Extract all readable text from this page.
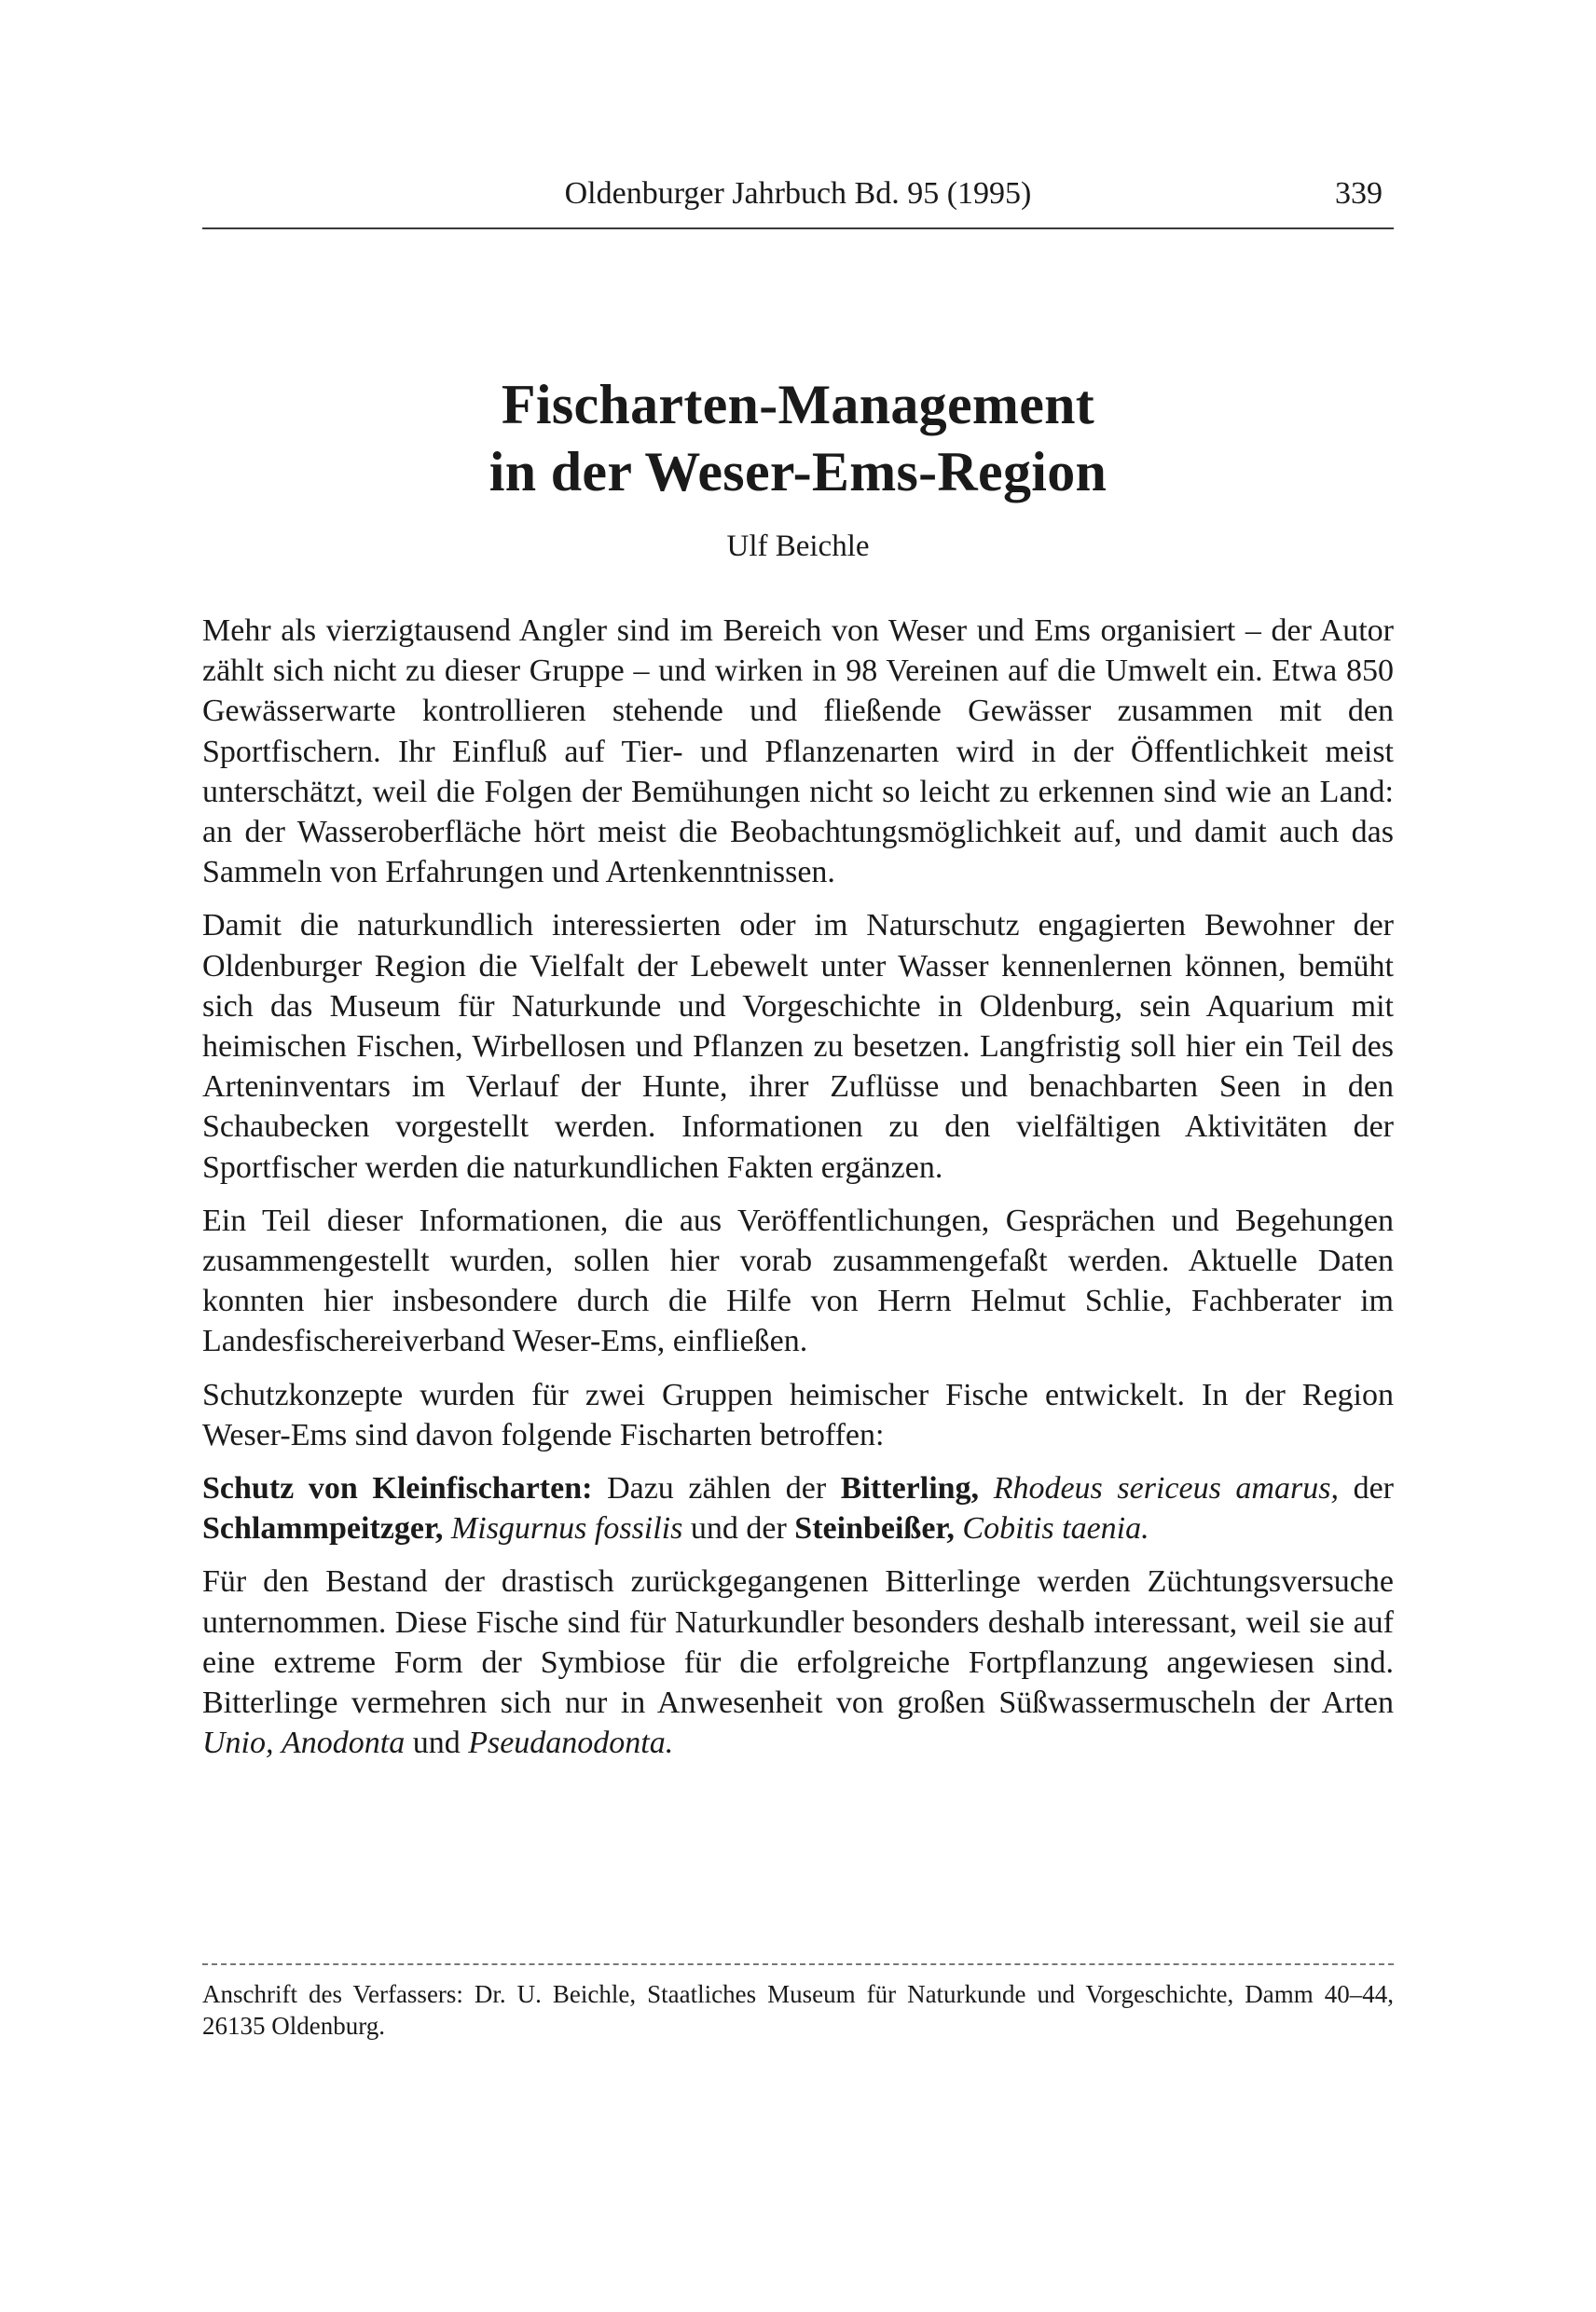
Oldenburger Jahrbuch Bd. 95 (1995)	339
Fischarten-Management
in der Weser-Ems-Region
Ulf Beichle

Mehr als vierzigtausend Angler sind im Bereich von Weser und Ems organisiert – der Autor zählt sich nicht zu dieser Gruppe – und wirken in 98 Vereinen auf die Umwelt ein. Etwa 850 Gewässerwarte kontrollieren stehende und fließende Gewässer zusammen mit den Sportfischern. Ihr Einfluß auf Tier- und Pflanzenarten wird in der Öffentlichkeit meist unterschätzt, weil die Folgen der Bemühungen nicht so leicht zu erkennen sind wie an Land: an der Wasseroberfläche hört meist die Beobachtungsmöglichkeit auf, und damit auch das Sammeln von Erfahrungen und Artenkenntnissen.

Damit die naturkundlich interessierten oder im Naturschutz engagierten Bewohner der Oldenburger Region die Vielfalt der Lebewelt unter Wasser kennenlernen können, bemüht sich das Museum für Naturkunde und Vorgeschichte in Oldenburg, sein Aquarium mit heimischen Fischen, Wirbellosen und Pflanzen zu besetzen. Langfristig soll hier ein Teil des Arteninventars im Verlauf der Hunte, ihrer Zuflüsse und benachbarten Seen in den Schaubecken vorgestellt werden. Informationen zu den vielfältigen Aktivitäten der Sportfischer werden die naturkundlichen Fakten ergänzen.

Ein Teil dieser Informationen, die aus Veröffentlichungen, Gesprächen und Begehungen zusammengestellt wurden, sollen hier vorab zusammengefaßt werden. Aktuelle Daten konnten hier insbesondere durch die Hilfe von Herrn Helmut Schlie, Fachberater im Landesfischereiverband Weser-Ems, einfließen.

Schutzkonzepte wurden für zwei Gruppen heimischer Fische entwickelt. In der Region Weser-Ems sind davon folgende Fischarten betroffen:

Schutz von Kleinfischarten: Dazu zählen der Bitterling, Rhodeus sericeus amarus, der Schlammpeitzger, Misgurnus fossilis und der Steinbeißer, Cobitis taenia.

Für den Bestand der drastisch zurückgegangenen Bitterlinge werden Züchtungsversuche unternommen. Diese Fische sind für Naturkundler besonders deshalb interessant, weil sie auf eine extreme Form der Symbiose für die erfolgreiche Fortpflanzung angewiesen sind. Bitterlinge vermehren sich nur in Anwesenheit von großen Süßwassermuscheln der Arten Unio, Anodonta und Pseudanodonta.

Anschrift des Verfassers: Dr. U. Beichle, Staatliches Museum für Naturkunde und Vorgeschichte, Damm 40–44, 26135 Oldenburg.
